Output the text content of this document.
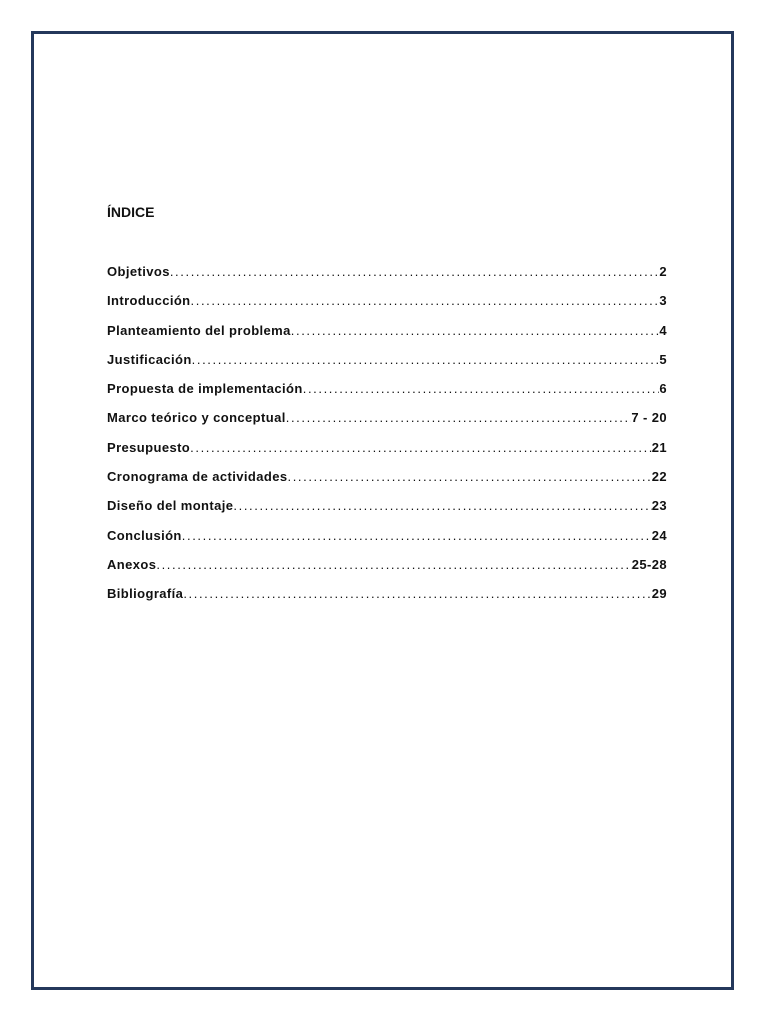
ÍNDICE
Objetivos .....	2
Introducción .....	3
Planteamiento del problema .....	4
Justificación .....	5
Propuesta de implementación .....	6
Marco teórico y conceptual .....	7 - 20
Presupuesto .....	21
Cronograma de actividades .....	22
Diseño del montaje .....	23
Conclusión .....	24
Anexos .....	25-28
Bibliografía .....	29
